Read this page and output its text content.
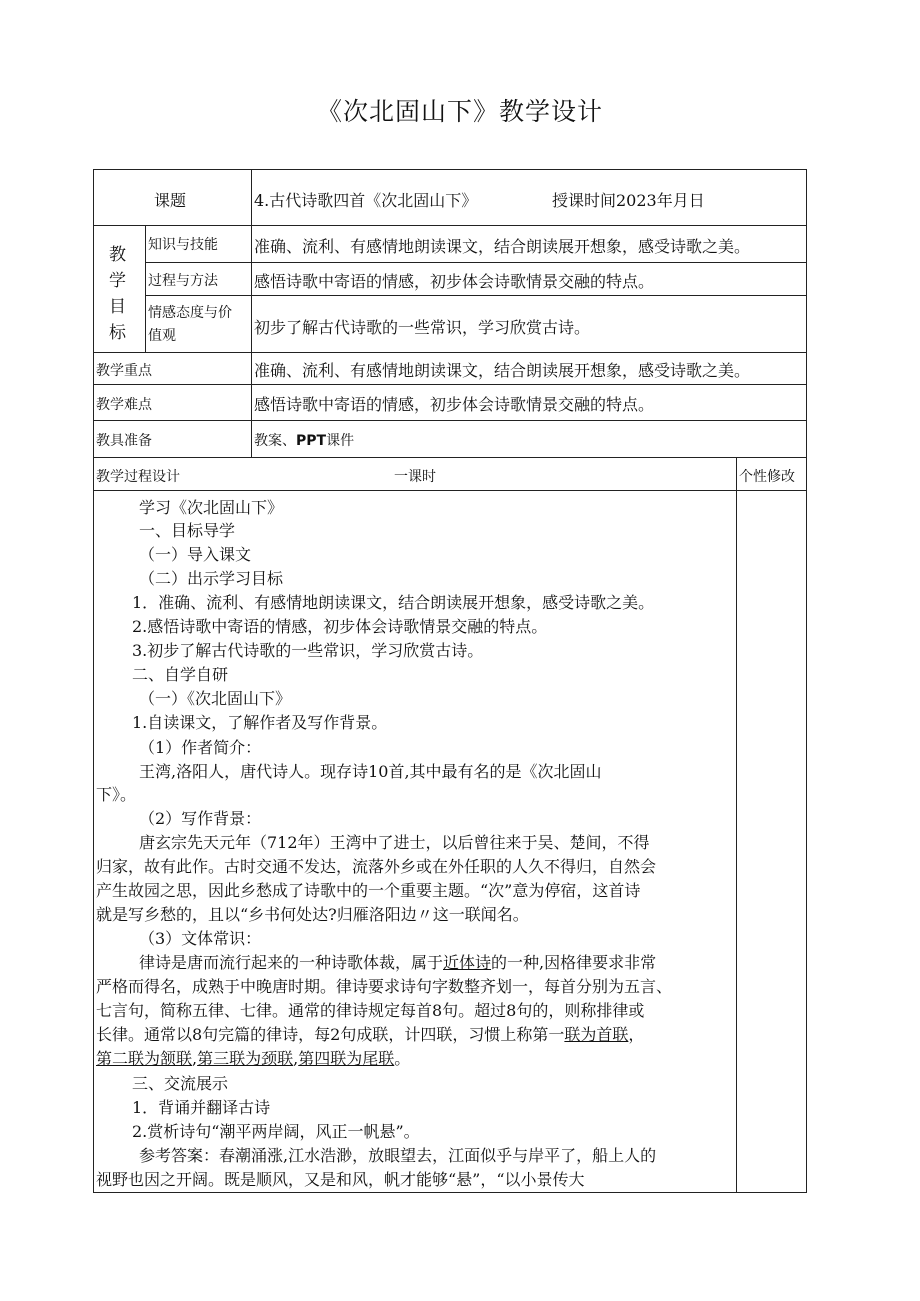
《次北固山下》教学设计
课题	4.古代诗歌四首《次北固山下》	授课时间2023年月日
教
学
目
标
知识与技能 准确、流利、有感情地朗读课文，结合朗读展开想象，感受诗歌之美。
过程与方法 感悟诗歌中寄语的情感，初步体会诗歌情景交融的特点。
情感态度与价
值观	初步了解古代诗歌的一些常识，学习欣赏古诗。
教学重点	准确、流利、有感情地朗读课文，结合朗读展开想象，感受诗歌之美。
教学难点	感悟诗歌中寄语的情感，初步体会诗歌情景交融的特点。
教具准备	教案、PPT课件
教学过程设计	一课时	个性修改
学习《次北固山下》
一、目标导学
（一）导入课文
（二）出示学习目标
1．准确、流利、有感情地朗读课文，结合朗读展开想象，感受诗歌之美。
2.感悟诗歌中寄语的情感，初步体会诗歌情景交融的特点。
3.初步了解古代诗歌的一些常识，学习欣赏古诗。
二、自学自研
（一）《次北固山下》
1.自读课文，了解作者及写作背景。
（1）作者简介：
王湾,洛阳人，唐代诗人。现存诗10首,其中最有名的是《次北固山
下》。
（2）写作背景：
唐玄宗先天元年（712年）王湾中了进士，以后曾往来于吴、楚间，不得
归家，故有此作。古时交通不发达，流落外乡或在外任职的人久不得归，自然会
产生故园之思，因此乡愁成了诗歌中的一个重要主题。“次”意为停宿，这首诗
就是写乡愁的，且以“乡书何处达?归雁洛阳边〃这一联闻名。
（3）文体常识：
律诗是唐而流行起来的一种诗歌体裁，属于近体诗的一种,因格律要求非常
严格而得名，成熟于中晚唐时期。律诗要求诗句字数整齐划一，每首分别为五言、
七言句，简称五律、七律。通常的律诗规定每首8句。超过8句的，则称排律或
长律。通常以8句完篇的律诗，每2句成联，计四联，习惯上称第一联为首联，
第二联为颔联,第三联为颈联,第四联为尾联。
三、交流展示
1．背诵并翻译古诗
2.赏析诗句“潮平两岸阔，风正一帆悬”。
参考答案：春潮涌涨,江水浩渺，放眼望去，江面似乎与岸平了，船上人的
视野也因之开阔。既是顺风，又是和风，帆才能够“悬”，“以小景传大
